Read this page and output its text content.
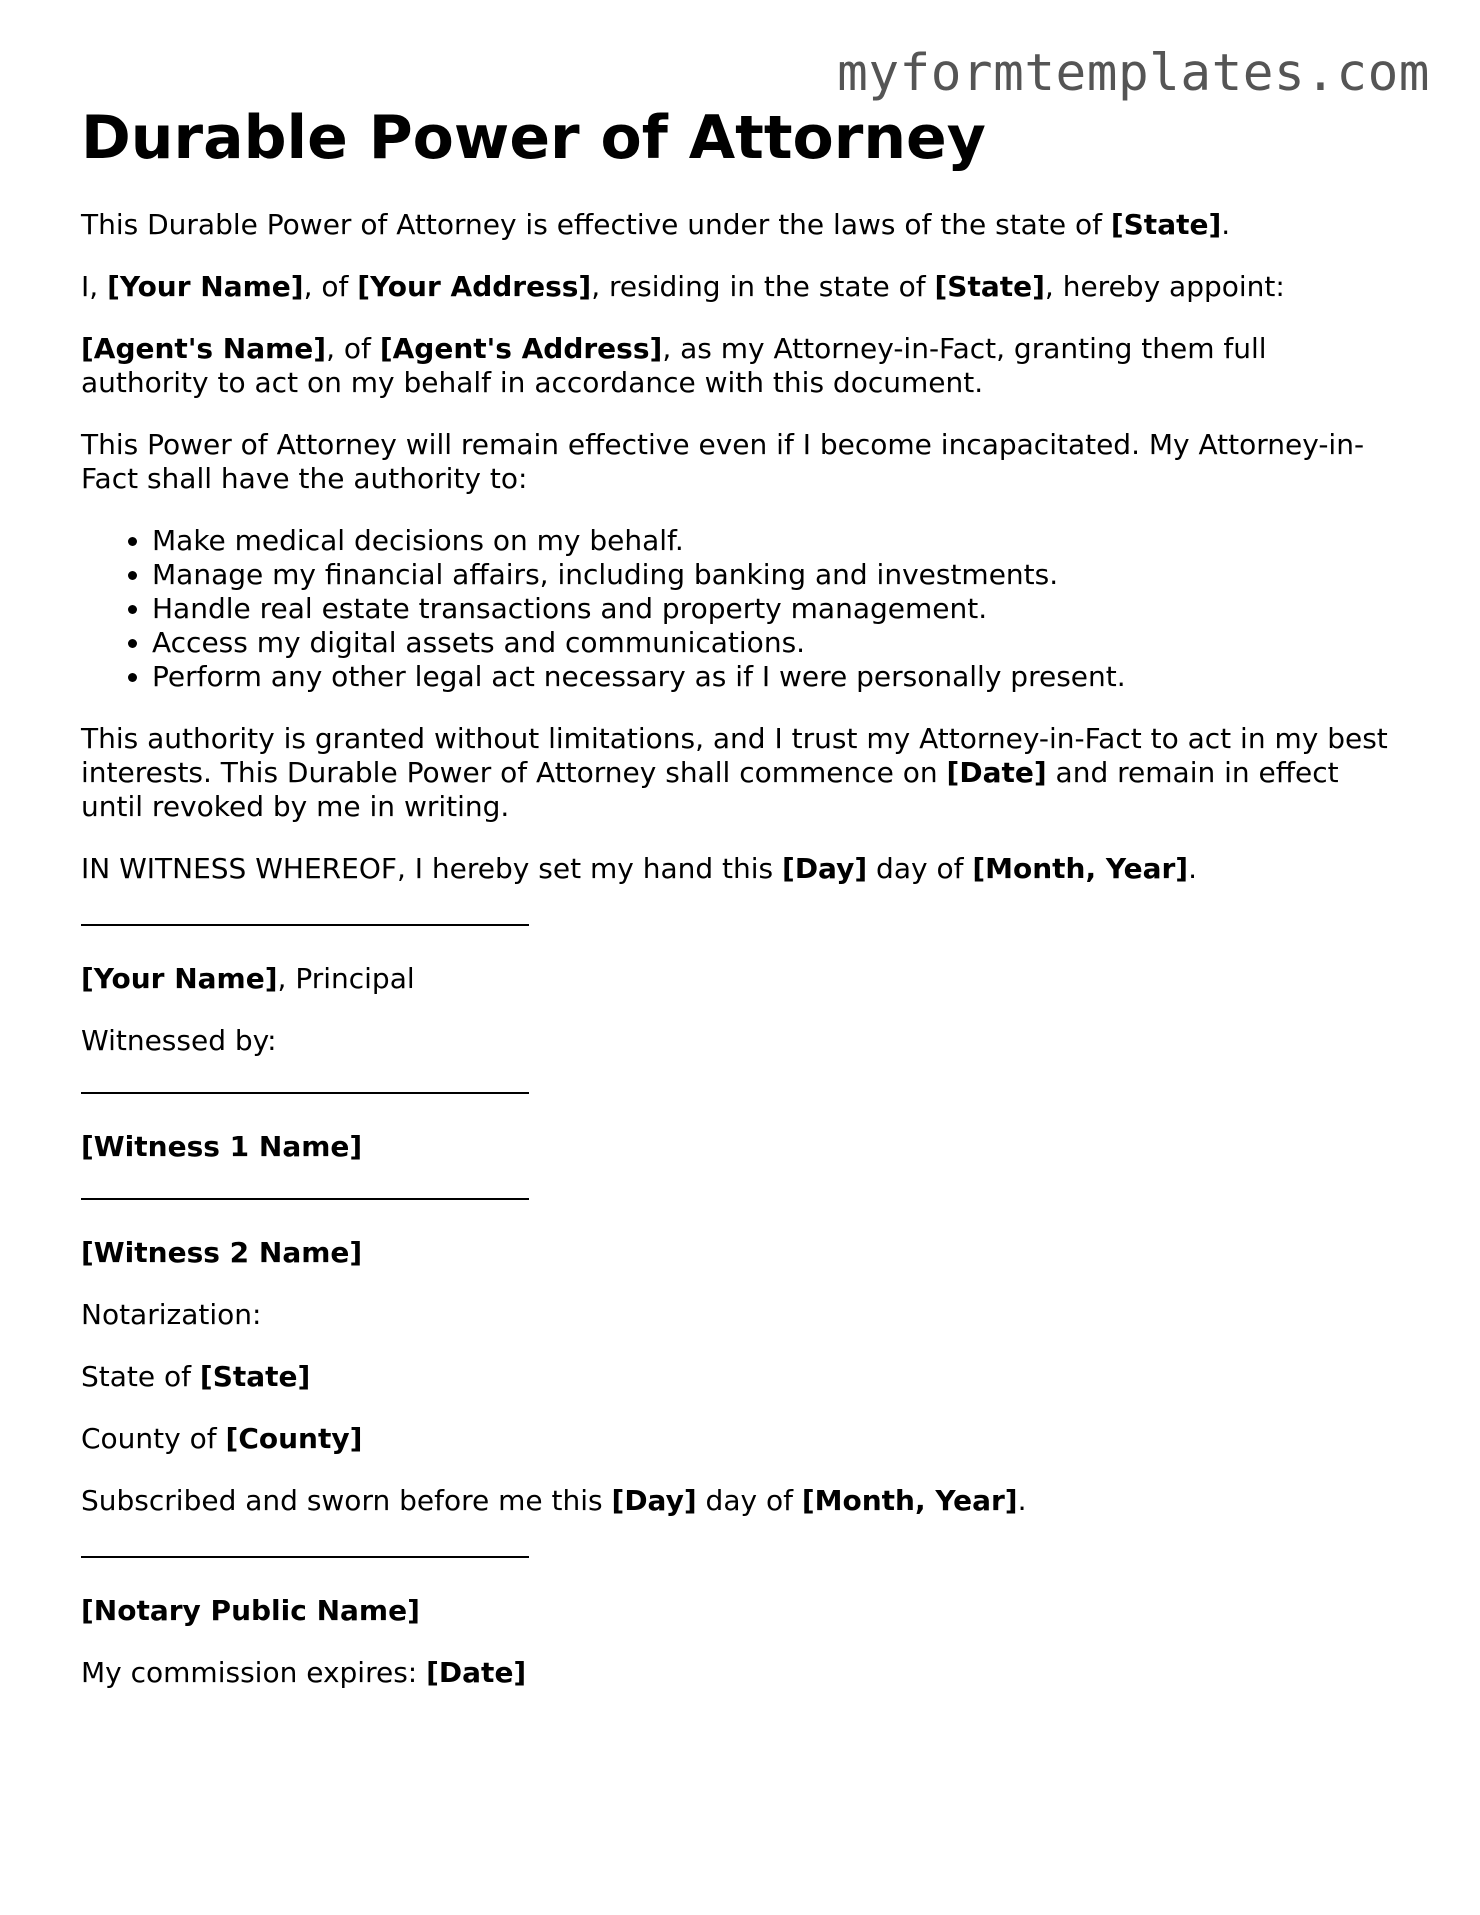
myformtemplates.com
Durable Power of Attorney

This Durable Power of Attorney is effective under the laws of the state of [State].

I, [Your Name], of [Your Address], residing in the state of [State], hereby appoint:

[Agent's Name], of [Agent's Address], as my Attorney-in-Fact, granting them full authority to act on my behalf in accordance with this document.

This Power of Attorney will remain effective even if I become incapacitated. My Attorney-in-Fact shall have the authority to:

• Make medical decisions on my behalf.
• Manage my financial affairs, including banking and investments.
• Handle real estate transactions and property management.
• Access my digital assets and communications.
• Perform any other legal act necessary as if I were personally present.

This authority is granted without limitations, and I trust my Attorney-in-Fact to act in my best interests. This Durable Power of Attorney shall commence on [Date] and remain in effect until revoked by me in writing.

IN WITNESS WHEREOF, I hereby set my hand this [Day] day of [Month, Year].

[Your Name], Principal

Witnessed by:

[Witness 1 Name]

[Witness 2 Name]

Notarization:

State of [State]

County of [County]

Subscribed and sworn before me this [Day] day of [Month, Year].

[Notary Public Name]

My commission expires: [Date]
